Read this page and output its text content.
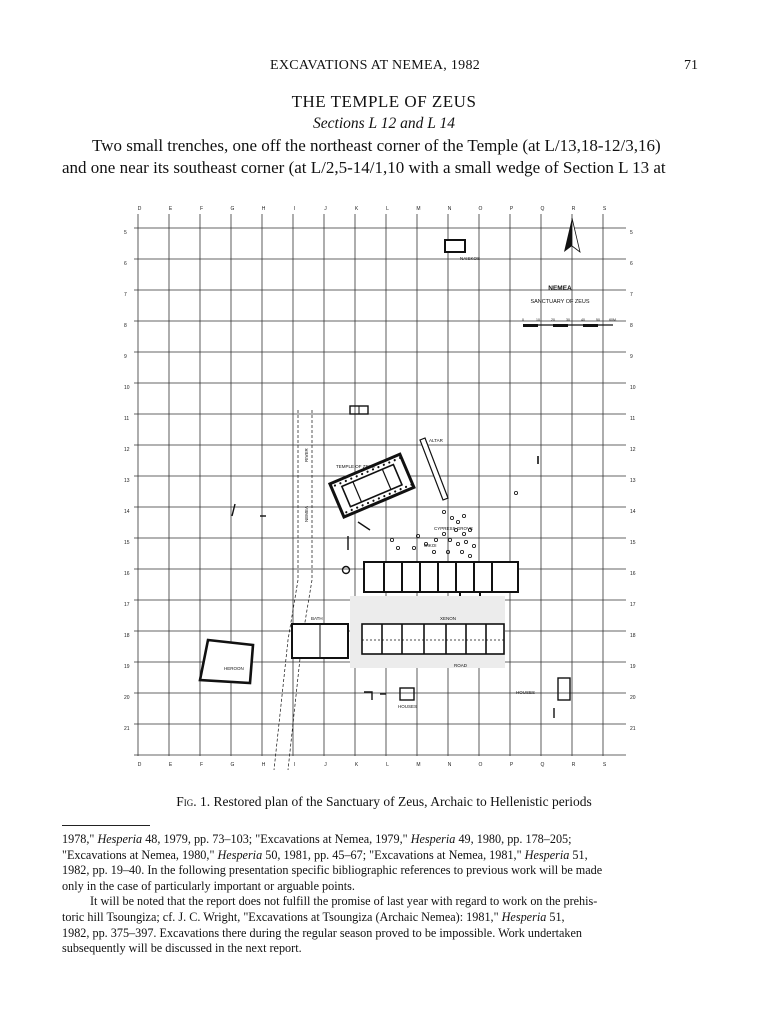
EXCAVATIONS AT NEMEA, 1982	71
THE TEMPLE OF ZEUS
Sections L 12 and L 14
Two small trenches, one off the northeast corner of the Temple (at L/13,18-12/3,16)
and one near its southeast corner (at L/2,5-14/1,10 with a small wedge of Section L 13 at
D	E	F	G	H	I	J	K	L	M	N	O	P	Q	R	S
D	E	F	G	H	I	J	K	L	M	N	O	P	Q	R	S
5
6
7
8
9
10
11
12
13
14
15
16
17
18
19
20
21
5
6
7
8
9
10
11
12
13
14
15
16
17
18
19
20
21
NAISKOS
NEMEA
SANCTUARY OF ZEUS
0	10	20	30	40	50	60M.
ALTAR
TEMPLE OF ZEUS
RIVER
NEMEA
CYPRESS GROVE
OIKOI
BATH	XENON
ROAD
HEROON
HOUSES
HOUSES
Fig. 1. Restored plan of the Sanctuary of Zeus, Archaic to Hellenistic periods
1978," Hesperia 48, 1979, pp. 73–103; "Excavations at Nemea, 1979," Hesperia 49, 1980, pp. 178–205;
"Excavations at Nemea, 1980," Hesperia 50, 1981, pp. 45–67; "Excavations at Nemea, 1981," Hesperia 51,
1982, pp. 19–40. In the following presentation specific bibliographic references to previous work will be made
only in the case of particularly important or arguable points.
It will be noted that the report does not fulfill the promise of last year with regard to work on the prehis-
toric hill Tsoungiza; cf. J. C. Wright, "Excavations at Tsoungiza (Archaic Nemea): 1981," Hesperia 51,
1982, pp. 375–397. Excavations there during the regular season proved to be impossible. Work undertaken
subsequently will be discussed in the next report.
